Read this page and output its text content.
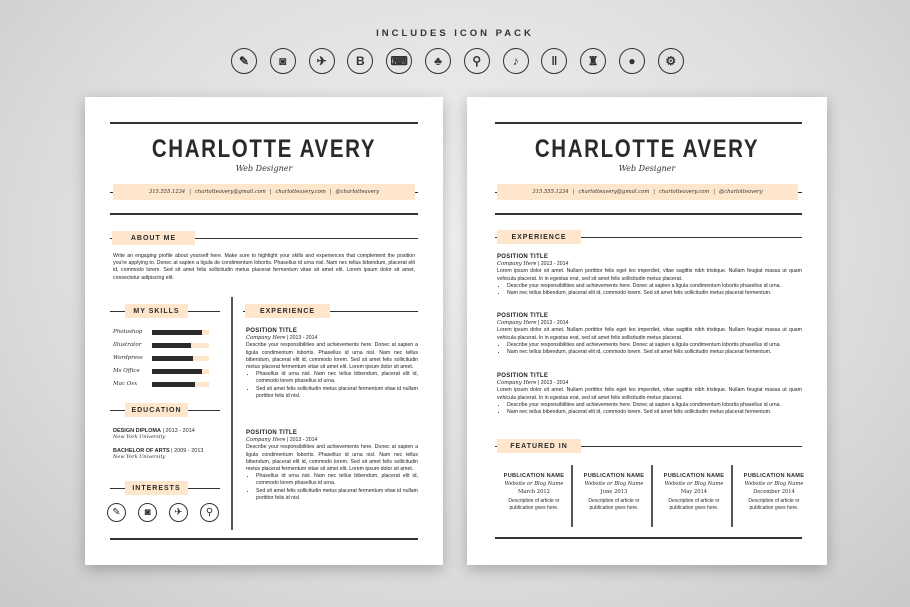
INCLUDES ICON PACK
✎	◙	✈ B ⌨ ♣	⚲	♪	‖	♜ ● ⚙
CHARLOTTE AVERY
Web Designer
315.555.1234 | charlotteavery@gmail.com | charlotteavery.com | @charlotteavery
ABOUT ME
Write an engaging profile about yourself here. Make sure to highlight your skills and experiences that complement the position you're applying to. Donec at sapien a ligula de condimentum lobortis. Phasellus id urna nisl. Nam nec tellus bibendum, placerat elit id, commodo lorem. Sed sit amet felis sollicitudin metus placerat fermentum vitae sit amet elit. Lorem ipsum dolor sit amet, consectetur adipiscing elit.
MY SKILLS
Photoshop
Illustrator
Wordpress
Ms Office
Mac Osx
EDUCATION
DESIGN DIPLOMA | 2013 - 2014
New York University
BACHELOR OF ARTS | 2009 - 2013
New York University
INTERESTS
✎ ◙ ✈ ⚲
EXPERIENCE
POSITION TITLE
Company Here | 2013 - 2014
Describe your responsibilities and achievements here. Donec at sapien a ligula condimentum lobortis. Phasellus id urna nisl. Nam nec tellus bibendum, placerat elit id, commodo lorem. Sed sit amet felis sollicitudin metus placerat fermentum vitae sit amet elit. Lorem ipsum dolor sit amet.
• Phasellus id urna nisl. Nam nec tellus bibendum, placerat elit id, commodo lorem phasellus id urna.
• Sed sit amet felis sollicitudin metus placerat fermentum vitae id nullam porttitor felis id nisl.
POSITION TITLE
Company Here | 2013 - 2014
Describe your responsibilities and achievements here. Donec at sapien a ligula condimentum lobortis. Phasellus id urna nisl. Nam nec tellus bibendum, placerat elit id, commodo lorem. Sed sit amet felis sollicitudin metus placerat fermentum vitae sit amet elit. Lorem ipsum dolor sit amet.
• Phasellus id urna nisl. Nam nec tellus bibendum, placerat elit id, commodo lorem phasellus id urna.
• Sed sit amet felis sollicitudin metus placerat fermentum vitae id nullam porttitor felis id nisl.
CHARLOTTE AVERY
Web Designer
315.555.1234 | charlotteavery@gmail.com | charlotteavery.com | @charlotteavery
EXPERIENCE
POSITION TITLE
Company Here | 2013 - 2014
Lorem ipsum dolor sit amet. Nullam porttitor felis eget leo imperdiet, vitae sagittis nibh tristique. Nullam feugiat massa ut quam vehicula placerat. In in egestas erat, sed sit amet felis sollicitudin metus placerat.
• Describe your responsibilities and achievements here. Donec at sapien a ligula condimentum lobortis phasellus id urna.
• Nam nec tellus bibendum, placerat elit id, commodo lorem. Sed sit amet felis sollicitudin metus placerat fermentum.
POSITION TITLE
Company Here | 2013 - 2014
Lorem ipsum dolor sit amet. Nullam porttitor felis eget leo imperdiet, vitae sagittis nibh tristique. Nullam feugiat massa ut quam vehicula placerat. In in egestas erat, sed sit amet felis sollicitudin metus placerat.
• Describe your responsibilities and achievements here. Donec at sapien a ligula condimentum lobortis phasellus id urna.
• Nam nec tellus bibendum, placerat elit id, commodo lorem. Sed sit amet felis sollicitudin metus placerat fermentum.
POSITION TITLE
Company Here | 2013 - 2014
Lorem ipsum dolor sit amet. Nullam porttitor felis eget leo imperdiet, vitae sagittis nibh tristique. Nullam feugiat massa ut quam vehicula placerat. In in egestas erat, sed sit amet felis sollicitudin metus placerat.
• Describe your responsibilities and achievements here. Donec at sapien a ligula condimentum lobortis phasellus id urna.
• Nam nec tellus bibendum, placerat elit id, commodo lorem. Sed sit amet felis sollicitudin metus placerat fermentum.
FEATURED IN
PUBLICATION NAME
Website or Blog Name
March 2012
Description of article or publication goes here.
PUBLICATION NAME
Website or Blog Name
June 2013
Description of article or publication goes here.
PUBLICATION NAME
Website or Blog Name
May 2014
Description of article or publication goes here.
PUBLICATION NAME
Website or Blog Name
December 2014
Description of article or publication goes here.
